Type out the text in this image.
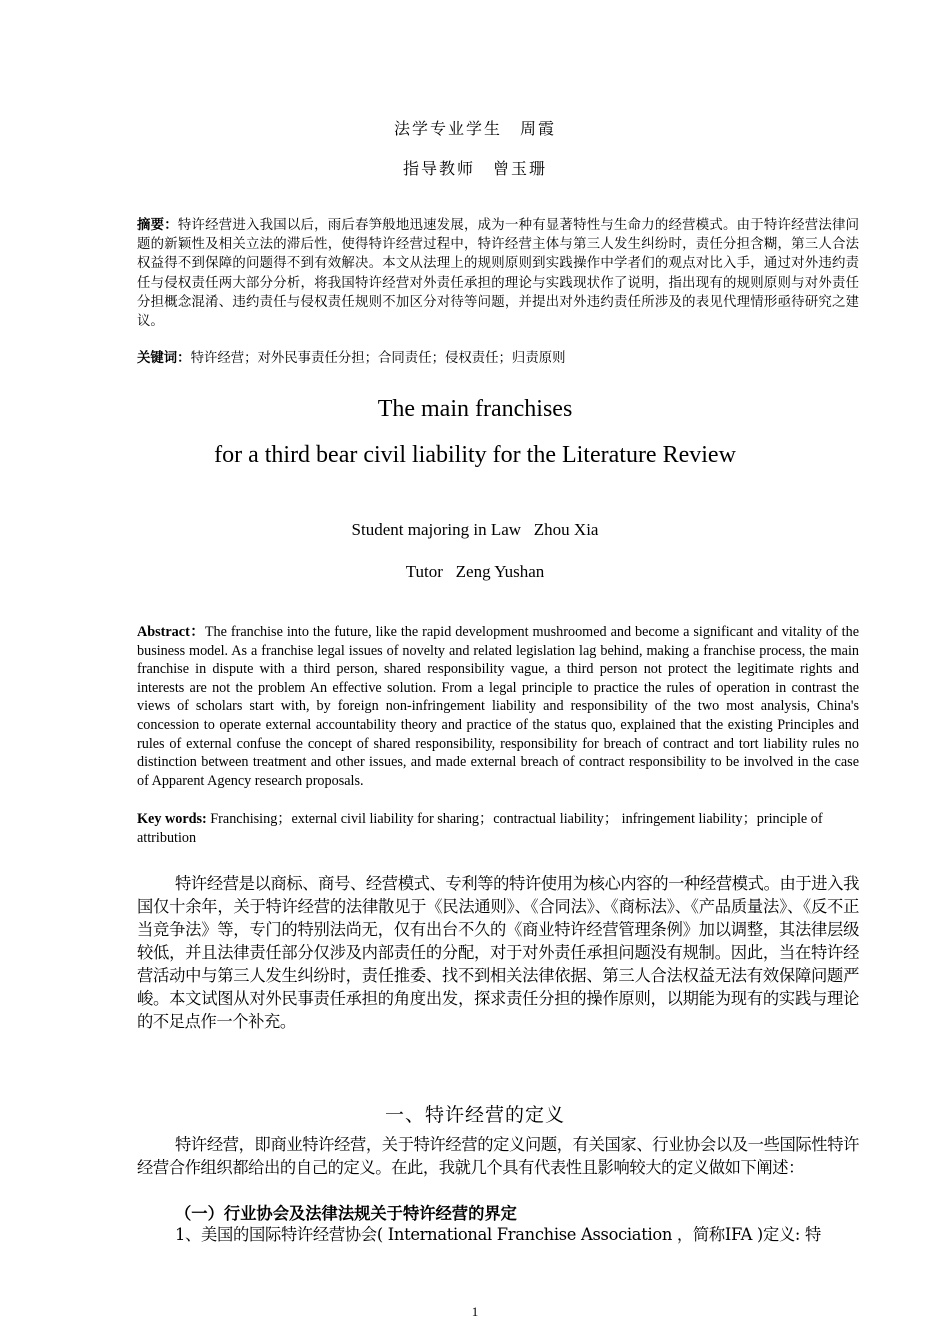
法学专业学生　周霞
指导教师　曾玉珊
摘要：特许经营进入我国以后，雨后春笋般地迅速发展，成为一种有显著特性与生命力的经营模式。由于特许经营法律问题的新颖性及相关立法的滞后性，使得特许经营过程中，特许经营主体与第三人发生纠纷时，责任分担含糊，第三人合法权益得不到保障的问题得不到有效解决。本文从法理上的规则原则到实践操作中学者们的观点对比入手，通过对外违约责任与侵权责任两大部分分析，将我国特许经营对外责任承担的理论与实践现状作了说明，指出现有的规则原则与对外责任分担概念混淆、违约责任与侵权责任规则不加区分对待等问题，并提出对外违约责任所涉及的表见代理情形亟待研究之建议。
关键词：特许经营；对外民事责任分担；合同责任；侵权责任；归责原则
The main franchises
for a third bear civil liability for the Literature Review
Student majoring in Law   Zhou Xia
Tutor   Zeng Yushan
Abstract：The franchise into the future, like the rapid development mushroomed and become a significant and vitality of the business model. As a franchise legal issues of novelty and related legislation lag behind, making a franchise process, the main franchise in dispute with a third person, shared responsibility vague, a third person not protect the legitimate rights and interests are not the problem An effective solution. From a legal principle to practice the rules of operation in contrast the views of scholars start with, by foreign non-infringement liability and responsibility of the two most analysis, China's concession to operate external accountability theory and practice of the status quo, explained that the existing Principles and rules of external confuse the concept of shared responsibility, responsibility for breach of contract and tort liability rules no distinction between treatment and other issues, and made external breach of contract responsibility to be involved in the case of Apparent Agency research proposals.
Key words: Franchising；external civil liability for sharing；contractual liability； infringement liability；principle of attribution
特许经营是以商标、商号、经营模式、专利等的特许使用为核心内容的一种经营模式。由于进入我国仅十余年，关于特许经营的法律散见于《民法通则》、《合同法》、《商标法》、《产品质量法》、《反不正当竞争法》等，专门的特别法尚无，仅有出台不久的《商业特许经营管理条例》加以调整，其法律层级较低，并且法律责任部分仅涉及内部责任的分配，对于对外责任承担问题没有规制。因此，当在特许经营活动中与第三人发生纠纷时，责任推委、找不到相关法律依据、第三人合法权益无法有效保障问题严峻。本文试图从对外民事责任承担的角度出发，探求责任分担的操作原则，以期能为现有的实践与理论的不足点作一个补充。
一、特许经营的定义
特许经营，即商业特许经营，关于特许经营的定义问题，有关国家、行业协会以及一些国际性特许经营合作组织都给出的自己的定义。在此，我就几个具有代表性且影响较大的定义做如下阐述：
（一）行业协会及法律法规关于特许经营的界定
1、美国的国际特许经营协会( International Franchise Association ，简称IFA )定义: 特
1
